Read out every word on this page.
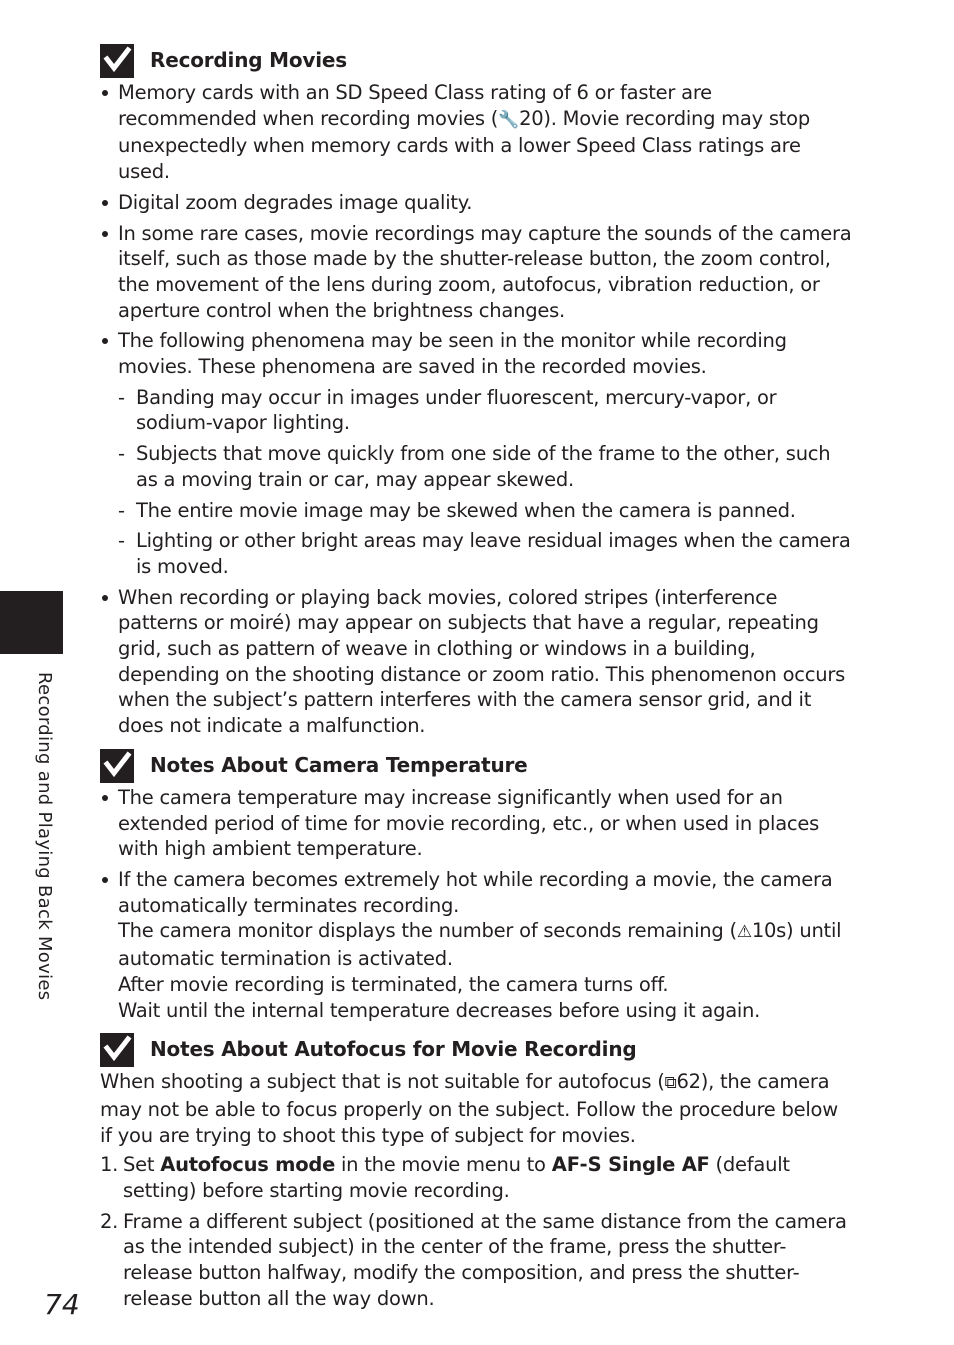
Recording and Playing Back Movies
Recording Movies
Memory cards with an SD Speed Class rating of 6 or faster are recommended when recording movies (🔧20). Movie recording may stop unexpectedly when memory cards with a lower Speed Class ratings are used.
Digital zoom degrades image quality.
In some rare cases, movie recordings may capture the sounds of the camera itself, such as those made by the shutter-release button, the zoom control, the movement of the lens during zoom, autofocus, vibration reduction, or aperture control when the brightness changes.
The following phenomena may be seen in the monitor while recording movies. These phenomena are saved in the recorded movies.
- Banding may occur in images under fluorescent, mercury-vapor, or sodium-vapor lighting.
- Subjects that move quickly from one side of the frame to the other, such as a moving train or car, may appear skewed.
- The entire movie image may be skewed when the camera is panned.
- Lighting or other bright areas may leave residual images when the camera is moved.
When recording or playing back movies, colored stripes (interference patterns or moiré) may appear on subjects that have a regular, repeating grid, such as pattern of weave in clothing or windows in a building, depending on the shooting distance or zoom ratio. This phenomenon occurs when the subject’s pattern interferes with the camera sensor grid, and it does not indicate a malfunction.
Notes About Camera Temperature
The camera temperature may increase significantly when used for an extended period of time for movie recording, etc., or when used in places with high ambient temperature.
If the camera becomes extremely hot while recording a movie, the camera automatically terminates recording.
The camera monitor displays the number of seconds remaining (⚠10s) until automatic termination is activated.
After movie recording is terminated, the camera turns off.
Wait until the internal temperature decreases before using it again.
Notes About Autofocus for Movie Recording

When shooting a subject that is not suitable for autofocus (⧉62), the camera may not be able to focus properly on the subject. Follow the procedure below if you are trying to shoot this type of subject for movies.

1. Set Autofocus mode in the movie menu to AF-S Single AF (default setting) before starting movie recording.
2. Frame a different subject (positioned at the same distance from the camera as the intended subject) in the center of the frame, press the shutter-release button halfway, modify the composition, and press the shutter-release button all the way down.
74
